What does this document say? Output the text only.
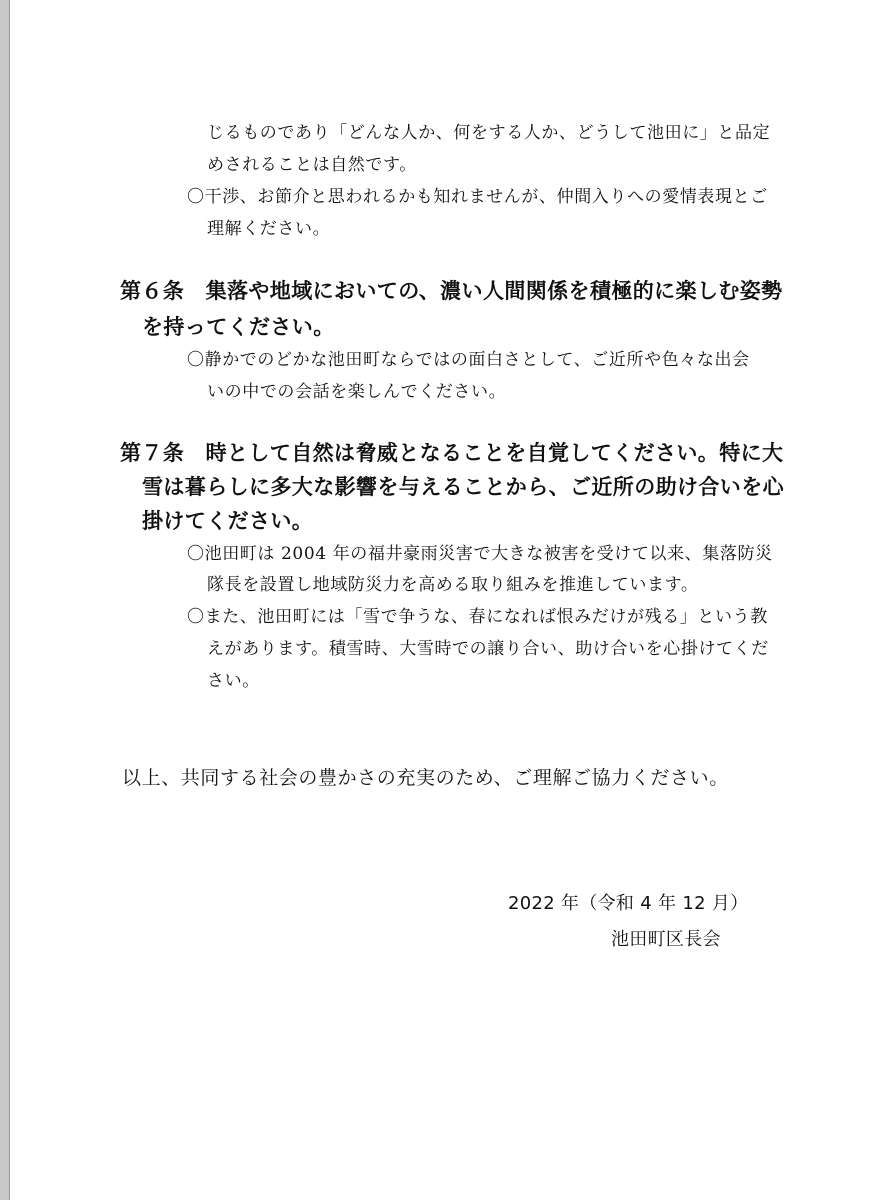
じるものであり「どんな人か、何をする人か、どうして池田に」と品定
めされることは自然です。
〇干渉、お節介と思われるかも知れませんが、仲間入りへの愛情表現とご
理解ください。
第６条　集落や地域においての、濃い人間関係を積極的に楽しむ姿勢
を持ってください。
〇静かでのどかな池田町ならではの面白さとして、ご近所や色々な出会
いの中での会話を楽しんでください。
第７条　時として自然は脅威となることを自覚してください。特に大
雪は暮らしに多大な影響を与えることから、ご近所の助け合いを心
掛けてください。
〇池田町は 2004 年の福井豪雨災害で大きな被害を受けて以来、集落防災
隊長を設置し地域防災力を高める取り組みを推進しています。
〇また、池田町には「雪で争うな、春になれば恨みだけが残る」という教
えがあります。積雪時、大雪時での譲り合い、助け合いを心掛けてくだ
さい。
以上、共同する社会の豊かさの充実のため、ご理解ご協力ください。
2022 年（令和 4 年 12 月）
池田町区長会
